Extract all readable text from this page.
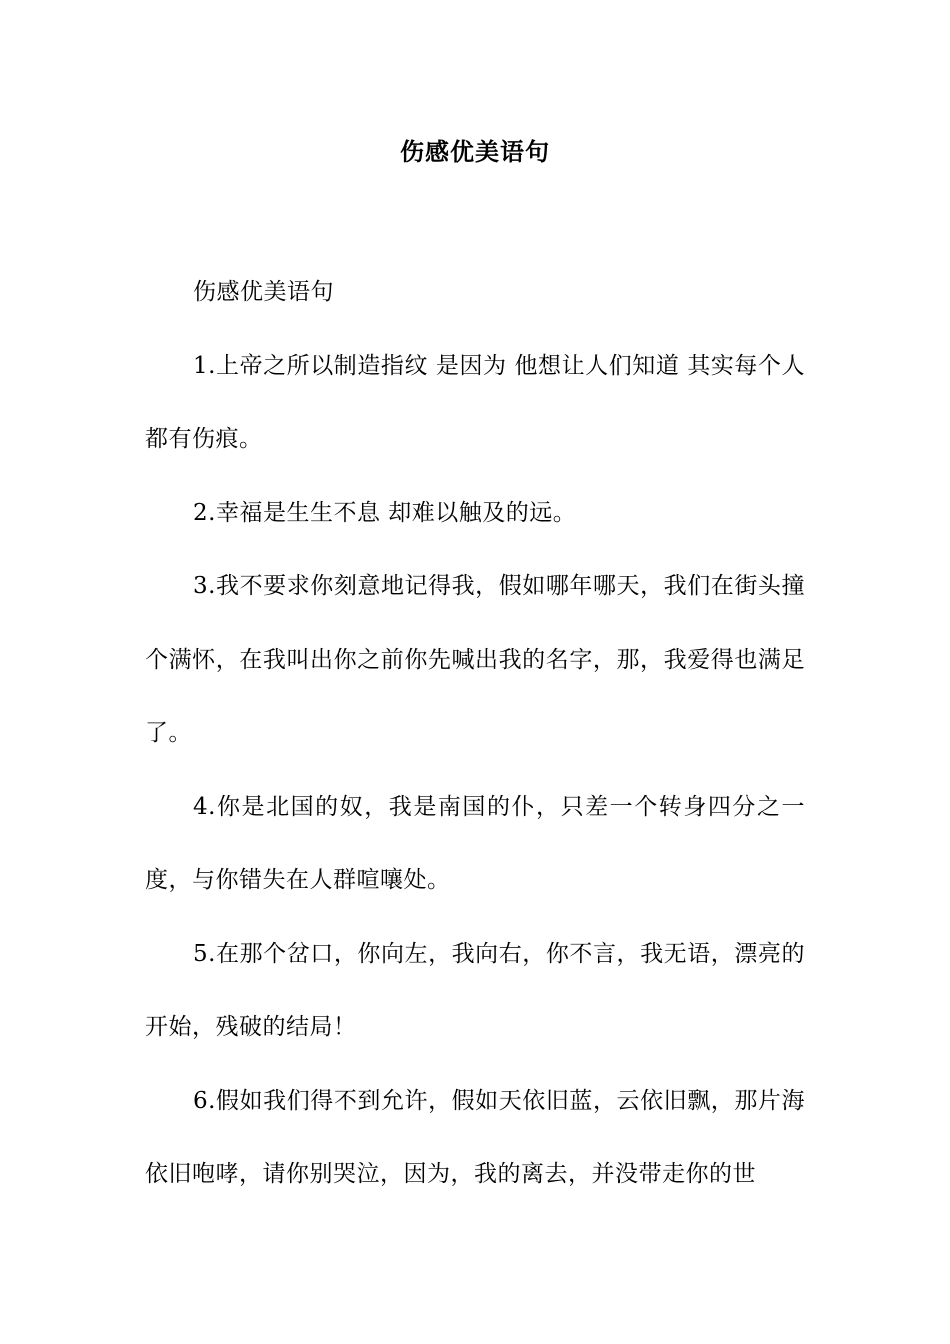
伤感优美语句

伤感优美语句

1.上帝之所以制造指纹 是因为 他想让人们知道 其实每个人都有伤痕。

2.幸福是生生不息 却难以触及的远。

3.我不要求你刻意地记得我，假如哪年哪天，我们在街头撞个满怀，在我叫出你之前你先喊出我的名字，那，我爱得也满足了。

4.你是北国的奴，我是南国的仆，只差一个转身四分之一度，与你错失在人群喧嚷处。

5.在那个岔口，你向左，我向右，你不言，我无语，漂亮的开始，残破的结局！

6.假如我们得不到允许，假如天依旧蓝，云依旧飘，那片海依旧咆哮，请你别哭泣，因为，我的离去，并没带走你的世
